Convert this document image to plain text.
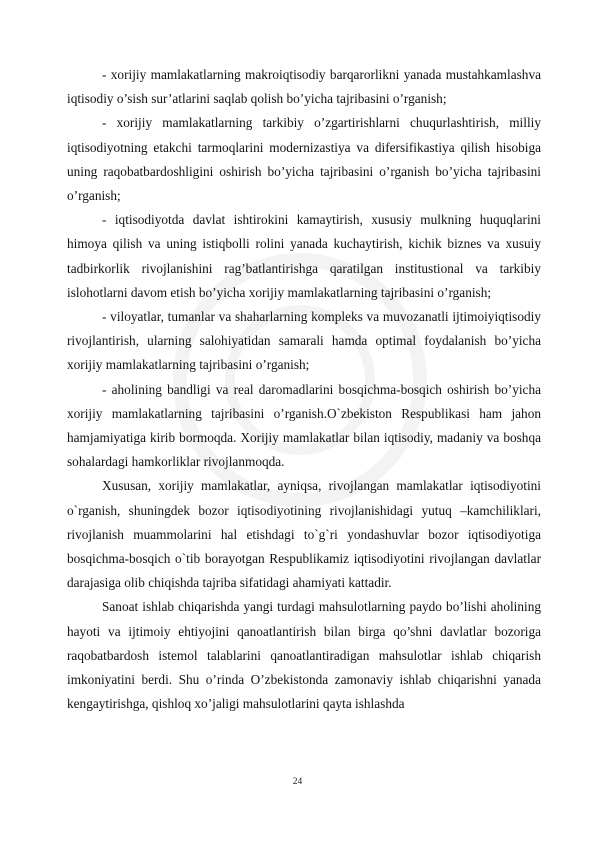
- xorijiy mamlakatlarning makroiqtisodiy barqarorlikni yanada mustahkamlashva iqtisodiy o’sish sur’atlarini saqlab qolish bo’yicha tajribasini o’rganish;

- xorijiy mamlakatlarning tarkibiy o’zgartirishlarni chuqurlashtirish, milliy iqtisodiyotning etakchi tarmoqlarini modernizastiya va difersifikastiya qilish hisobiga uning raqobatbardoshligini oshirish bo’yicha tajribasini o’rganish bo’yicha tajribasini o’rganish;

- iqtisodiyotda davlat ishtirokini kamaytirish, xususiy mulkning huquqlarini himoya qilish va uning istiqbolli rolini yanada kuchaytirish, kichik biznes va xusuiy tadbirkorlik rivojlanishini rag’batlantirishga qaratilgan institustional va tarkibiy islohotlarni davom etish bo’yicha xorijiy mamlakatlarning tajribasini o’rganish;

- viloyatlar, tumanlar va shaharlarning kompleks va muvozanatli ijtimoiyiqtisodiy rivojlantirish, ularning salohiyatidan samarali hamda optimal foydalanish bo’yicha xorijiy mamlakatlarning tajribasini o’rganish;

- aholining bandligi va real daromadlarini bosqichma-bosqich oshirish bo’yicha xorijiy mamlakatlarning tajribasini o’rganish.O`zbekiston Respublikasi ham jahon hamjamiyatiga kirib bormoqda. Xorijiy mamlakatlar bilan iqtisodiy, madaniy va boshqa sohalardagi hamkorliklar rivojlanmoqda.

Xususan, xorijiy mamlakatlar, ayniqsa, rivojlangan mamlakatlar iqtisodiyotini o`rganish, shuningdek bozor iqtisodiyotining rivojlanishidagi yutuq –kamchiliklari, rivojlanish muammolarini hal etishdagi to`g`ri yondashuvlar bozor iqtisodiyotiga bosqichma-bosqich o`tib borayotgan Respublikamiz iqtisodiyotini rivojlangan davlatlar darajasiga olib chiqishda tajriba sifatidagi ahamiyati kattadir.

Sanoat ishlab chiqarishda yangi turdagi mahsulotlarning paydo bo’lishi aholining hayoti va ijtimoiy ehtiyojini qanoatlantirish bilan birga qo’shni davlatlar bozoriga raqobatbardosh istemol talablarini qanoatlantiradigan mahsulotlar ishlab chiqarish imkoniyatini berdi. Shu o’rinda O’zbekistonda zamonaviy ishlab chiqarishni yanada kengaytirishga, qishloq xo’jaligi mahsulotlarini qayta ishlashda

24
